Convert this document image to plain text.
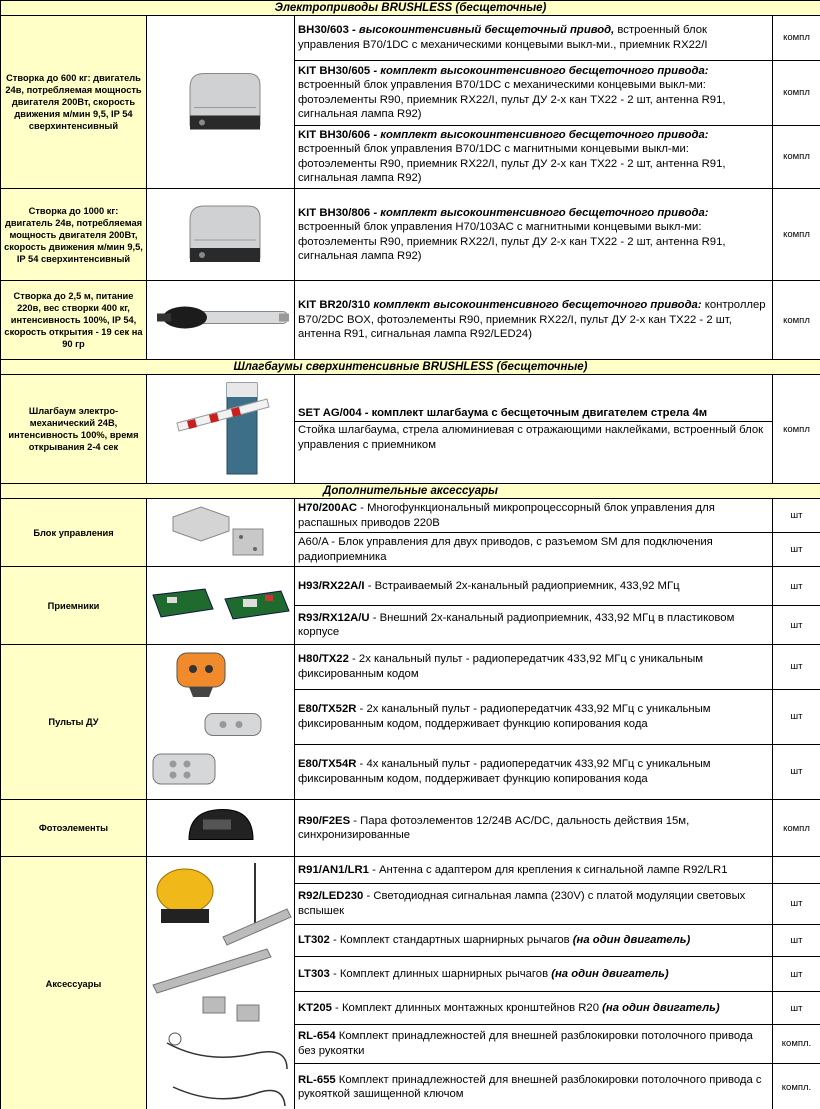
Электроприводы BRUSHLESS (бесщеточные)			
Створка до 600 кг: двигатель 24в, потребляемая мощность двигателя 200Вт, скорость движения м/мин 9,5, IP 54 сверхинтенсивный		BH30/603 - высокоинтенсивный бесщеточный привод, встроенный блок управления B70/1DC с механическими концевыми выкл-ми., приемник RX22/I	компл
		KIT BH30/605 - комплект высокоинтенсивного бесщеточного привода: встроенный блок управления B70/1DC с механическими концевыми выкл-ми: фотоэлементы R90, приемник RX22/I, пульт ДУ 2-х кан TX22 - 2 шт, антенна R91, сигнальная лампа R92)	компл
		KIT BH30/606 - комплект высокоинтенсивного бесщеточного привода: встроенный блок управления B70/1DC с магнитными концевыми выкл-ми: фотоэлементы R90, приемник RX22/I, пульт ДУ 2-х кан TX22 - 2 шт, антенна R91, сигнальная лампа R92)	компл
Створка до 1000 кг: двигатель 24в, потребляемая мощность двигателя 200Вт, скорость движения м/мин 9,5, IP 54 сверхинтенсивный		KIT BH30/806 - комплект высокоинтенсивного бесщеточного привода: встроенный блок управления H70/103AC с магнитными концевыми выкл-ми: фотоэлементы R90, приемник RX22/I, пульт ДУ 2-х кан TX22 - 2 шт, антенна R91, сигнальная лампа R92)	компл
Створка до 2,5 м, питание 220в, вес створки 400 кг, интенсивность 100%, IP 54, скорость открытия - 19 сек на 90 гр		KIT BR20/310 комплект высокоинтенсивного бесщеточного привода: контроллер B70/2DC BOX, фотоэлементы R90, приемник RX22/I, пульт ДУ 2-х кан TX22 - 2 шт, антенна R91, сигнальная лампа R92/LED24)	компл
Шлагбаумы сверхинтенсивные BRUSHLESS (бесщеточные)			
Шлагбаум электро-механический 24В, интенсивность 100%, время открывания 2-4 сек		SET AG/004 - комплект шлагбаума с бесщеточным двигателем стрела 4м
Стойка шлагбаума, стрела алюминиевая с отражающими наклейками, встроенный блок управления с приемником	компл
Дополнительные аксессуары			
Блок управления		H70/200AC - Многофункциональный микропроцессорный блок управления для распашных приводов 220В	шт
		A60/A - Блок управления для двух приводов, с разъемом SM для подключения радиоприемника	шт
Приемники		H93/RX22A/I - Встраиваемый 2х-канальный радиоприемник, 433,92 МГц	шт
		R93/RX12A/U - Внешний 2х-канальный радиоприемник, 433,92 МГц в пластиковом корпусе	шт
Пульты ДУ		H80/TX22 - 2х канальный пульт - радиопередатчик 433,92 МГц с уникальным фиксированным кодом	шт
		E80/TX52R - 2х канальный пульт - радиопередатчик 433,92 МГц с уникальным фиксированным кодом, поддерживает функцию копирования кода	шт
		E80/TX54R - 4х канальный пульт - радиопередатчик 433,92 МГц с уникальным фиксированным кодом, поддерживает функцию копирования кода	шт
Фотоэлементы		R90/F2ES - Пара фотоэлементов 12/24В AC/DC, дальность действия 15м, синхронизированные	компл
Аксессуары		R91/AN1/LR1 - Антенна с адаптером для крепления к сигнальной лампе R92/LR1	
		R92/LED230 - Светодиодная сигнальная лампа (230V) с платой модуляции световых вспышек	шт
		LT302 - Комплект стандартных шарнирных рычагов (на один двигатель)	шт
		LT303 - Комплект длинных шарнирных рычагов (на один двигатель)	шт
		KT205 - Комплект длинных монтажных кронштейнов R20 (на один двигатель)	шт
		RL-654 Комплект принадлежностей для внешней разблокировки потолочного привода без рукоятки	компл.
		RL-655 Комплект принадлежностей для внешней разблокировки потолочного привода с рукояткой зашищенной ключом	компл.
